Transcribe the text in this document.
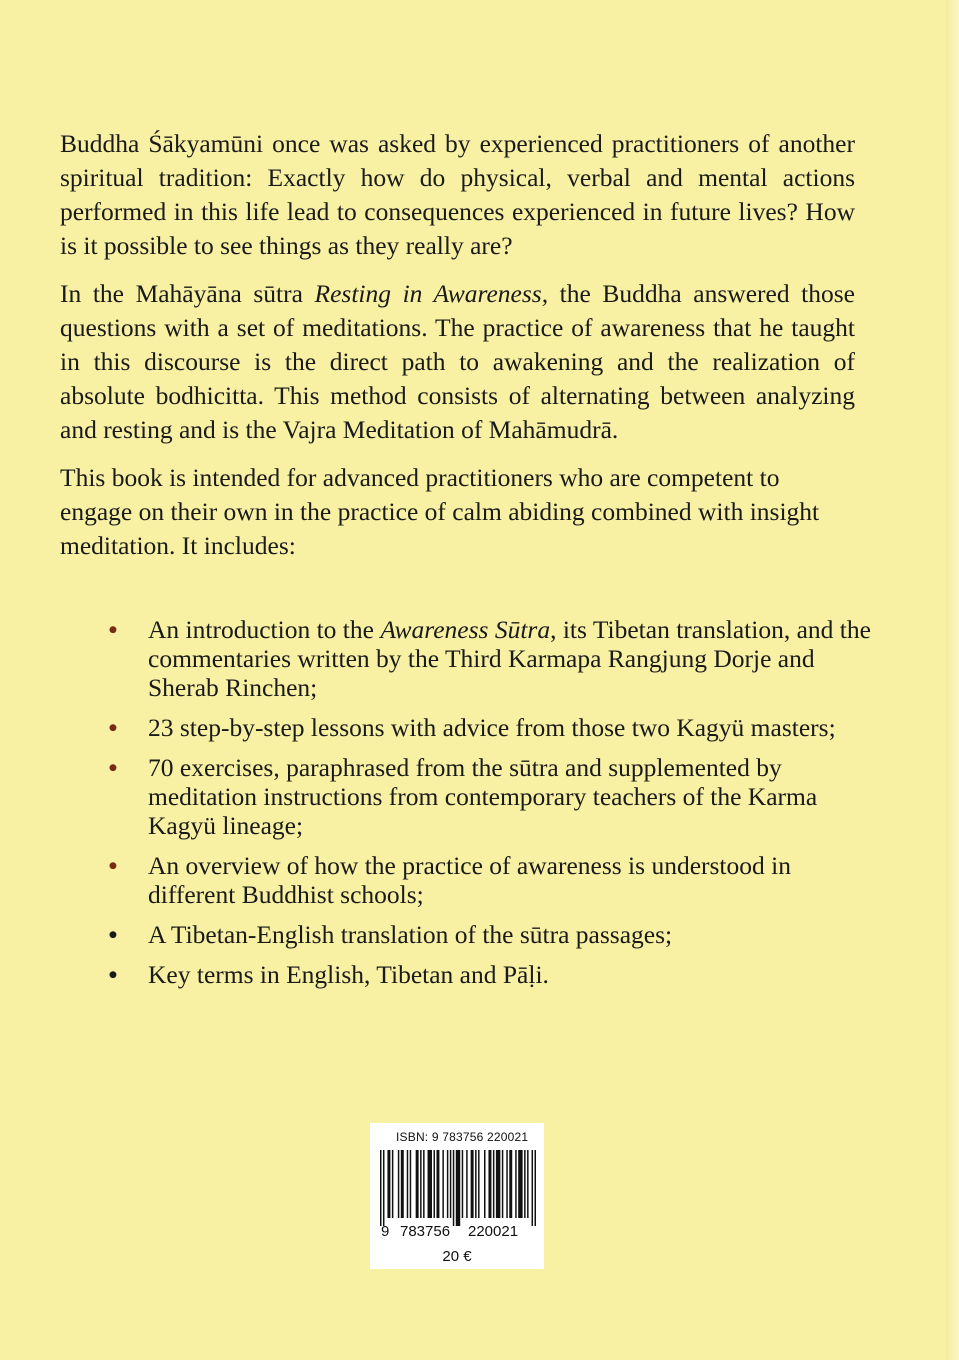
Buddha Śākyamūni once was asked by experienced practitioners of another spiritual tradition: Exactly how do physical, verbal and mental actions performed in this life lead to consequences experienced in future lives? How is it possible to see things as they really are?

In the Mahāyāna sūtra Resting in Awareness, the Buddha answered those questions with a set of meditations. The practice of awareness that he taught in this discourse is the direct path to awakening and the realization of absolute bodhicitta. This method consists of alternating between analyzing and resting and is the Vajra Meditation of Mahāmudrā.

This book is intended for advanced practitioners who are competent to engage on their own in the practice of calm abiding combined with insight meditation. It includes:

• An introduction to the Awareness Sūtra, its Tibetan translation, and the commentaries written by the Third Karmapa Rangjung Dorje and Sherab Rinchen;
• 23 step-by-step lessons with advice from those two Kagyü masters;
• 70 exercises, paraphrased from the sūtra and supplemented by meditation instructions from contemporary teachers of the Karma Kagyü lineage;
• An overview of how the practice of awareness is understood in different Buddhist schools;
• A Tibetan-English translation of the sūtra passages;
• Key terms in English, Tibetan and Pāḷi.
ISBN: 9 783756 220021
9 783756 220021
20 €
